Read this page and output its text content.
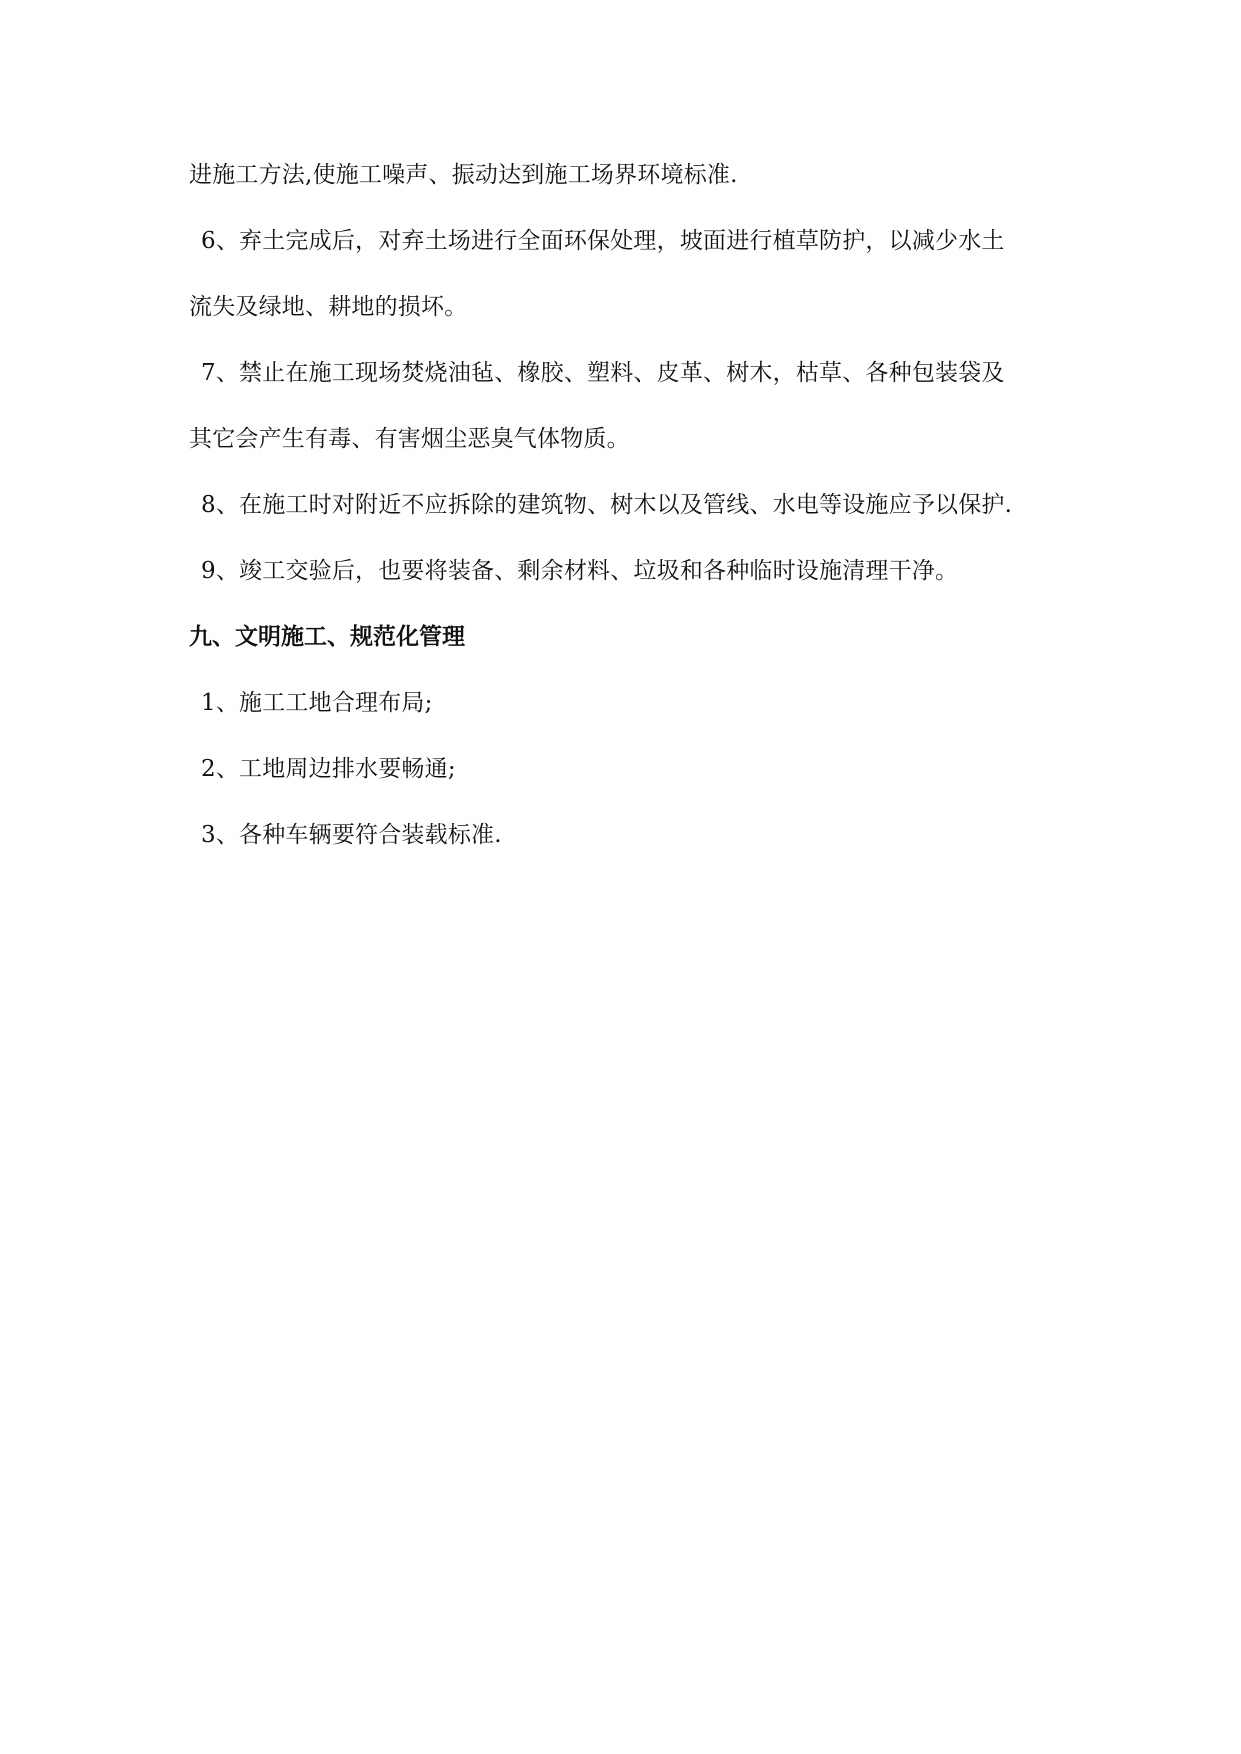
进施工方法,使施工噪声、振动达到施工场界环境标准.
6、弃土完成后，对弃土场进行全面环保处理，坡面进行植草防护，以减少水土
流失及绿地、耕地的损坏。
7、禁止在施工现场焚烧油毡、橡胶、塑料、皮革、树木，枯草、各种包装袋及
其它会产生有毒、有害烟尘恶臭气体物质。
8、在施工时对附近不应拆除的建筑物、树木以及管线、水电等设施应予以保护.
9、竣工交验后，也要将装备、剩余材料、垃圾和各种临时设施清理干净。
九、文明施工、规范化管理
1、施工工地合理布局;
2、工地周边排水要畅通;
3、各种车辆要符合装载标准.
